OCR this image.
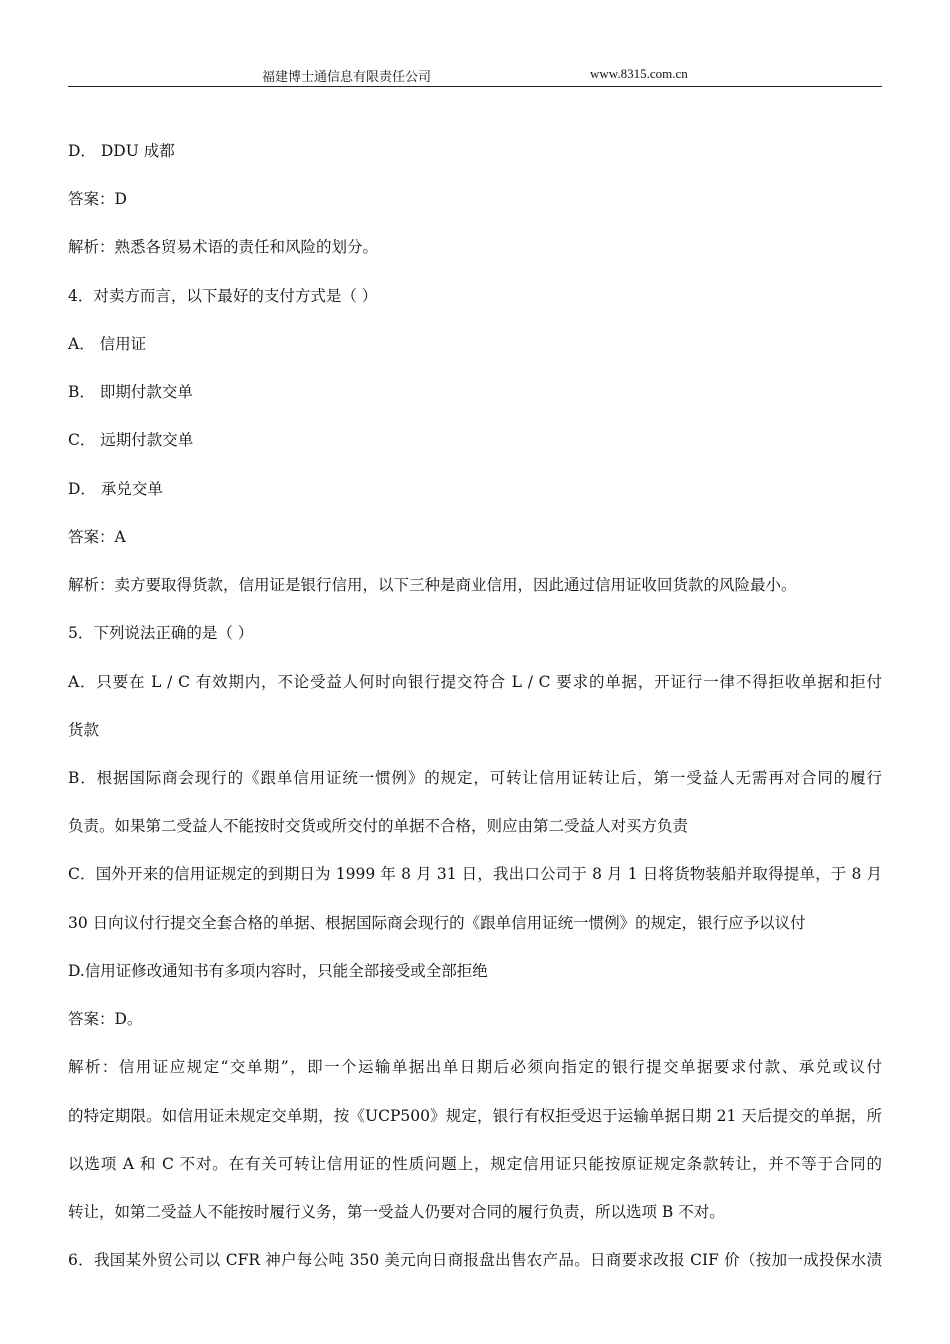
福建博士通信息有限责任公司	www.8315.com.cn
D． DDU 成都
答案：D
解析：熟悉各贸易术语的责任和风险的划分。
4．对卖方而言，以下最好的支付方式是（ ）
A． 信用证
B． 即期付款交单
C． 远期付款交单
D． 承兑交单
答案：A
解析：卖方要取得货款，信用证是银行信用，以下三种是商业信用，因此通过信用证收回货款的风险最小。
5．下列说法正确的是（ ）
A．只要在 L / C 有效期内，不论受益人何时向银行提交符合 L / C 要求的单据，开证行一律不得拒收单据和拒付
货款
B．根据国际商会现行的《跟单信用证统一惯例》的规定，可转让信用证转让后，第一受益人无需再对合同的履行
负责。如果第二受益人不能按时交货或所交付的单据不合格，则应由第二受益人对买方负责
C．国外开来的信用证规定的到期日为 1999 年 8 月 31 日，我出口公司于 8 月 1 日将货物装船并取得提单，于 8 月
30 日向议付行提交全套合格的单据、根据国际商会现行的《跟单信用证统一惯例》的规定，银行应予以议付
D.信用证修改通知书有多项内容时，只能全部接受或全部拒绝
答案：D。
解析：信用证应规定“交单期”，即一个运输单据出单日期后必须向指定的银行提交单据要求付款、承兑或议付
的特定期限。如信用证未规定交单期，按《UCP500》规定，银行有权拒受迟于运输单据日期 21 天后提交的单据，所
以选项 A 和 C 不对。在有关可转让信用证的性质问题上，规定信用证只能按原证规定条款转让，并不等于合同的
转让，如第二受益人不能按时履行义务，第一受益人仍要对合同的履行负责，所以选项 B 不对。
6．我国某外贸公司以 CFR 神户每公吨 350 美元向日商报盘出售农产品。日商要求改报 CIF 价（按加一成投保水渍
